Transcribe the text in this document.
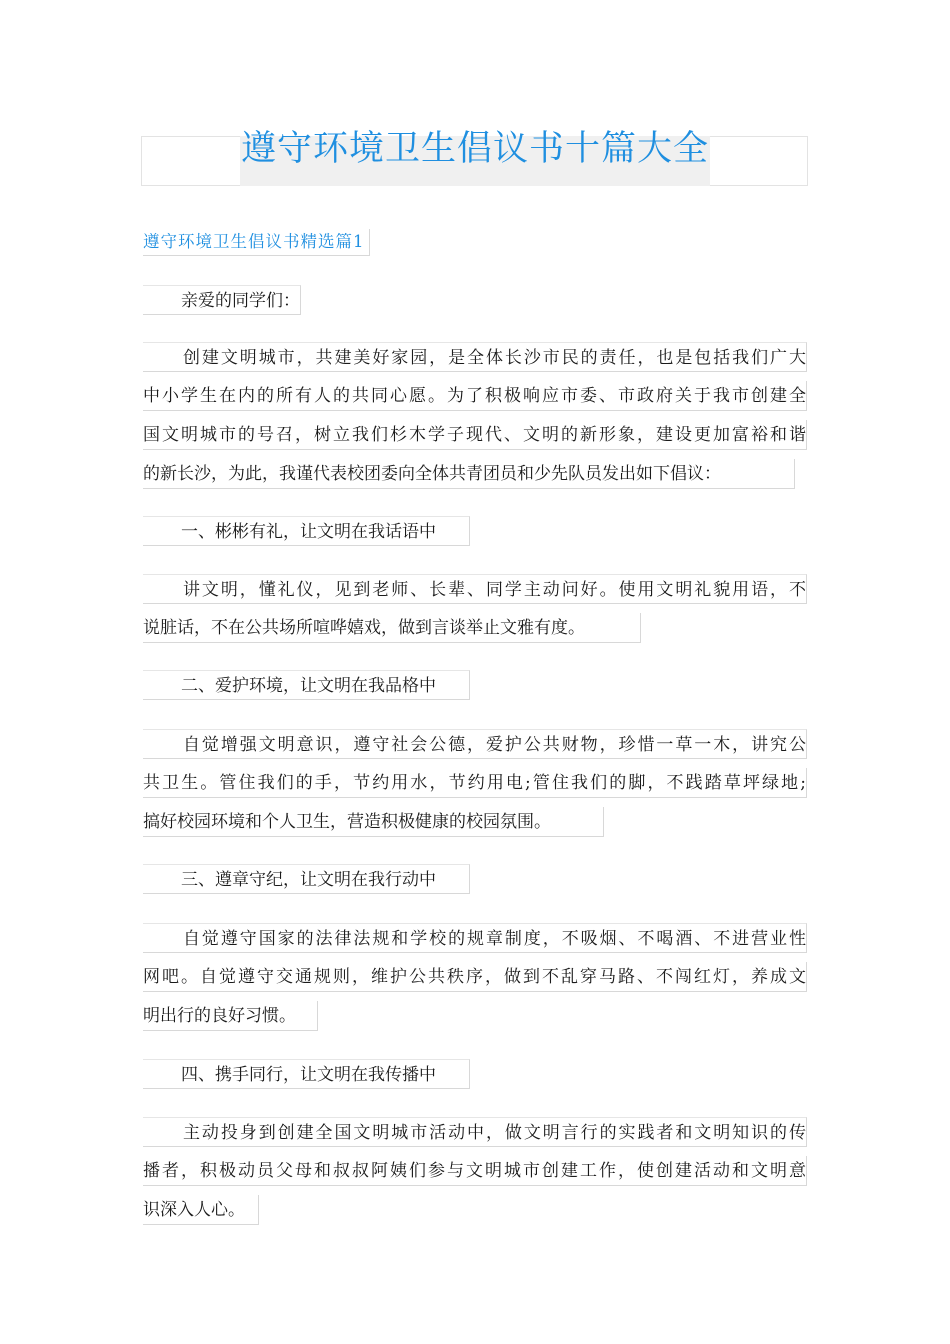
遵守环境卫生倡议书十篇大全
遵守环境卫生倡议书精选篇1
亲爱的同学们：
创建文明城市，共建美好家园，是全体长沙市民的责任，也是包括我们广大
中小学生在内的所有人的共同心愿。为了积极响应市委、市政府关于我市创建全
国文明城市的号召，树立我们杉木学子现代、文明的新形象，建设更加富裕和谐
的新长沙，为此，我谨代表校团委向全体共青团员和少先队员发出如下倡议：
一、彬彬有礼，让文明在我话语中
讲文明，懂礼仪，见到老师、长辈、同学主动问好。使用文明礼貌用语，不
说脏话，不在公共场所喧哗嬉戏，做到言谈举止文雅有度。
二、爱护环境，让文明在我品格中
自觉增强文明意识，遵守社会公德，爱护公共财物，珍惜一草一木，讲究公
共卫生。管住我们的手，节约用水，节约用电;管住我们的脚，不践踏草坪绿地;
搞好校园环境和个人卫生，营造积极健康的校园氛围。
三、遵章守纪，让文明在我行动中
自觉遵守国家的法律法规和学校的规章制度，不吸烟、不喝酒、不进营业性
网吧。自觉遵守交通规则，维护公共秩序，做到不乱穿马路、不闯红灯，养成文
明出行的良好习惯。
四、携手同行，让文明在我传播中
主动投身到创建全国文明城市活动中，做文明言行的实践者和文明知识的传
播者，积极动员父母和叔叔阿姨们参与文明城市创建工作，使创建活动和文明意
识深入人心。
